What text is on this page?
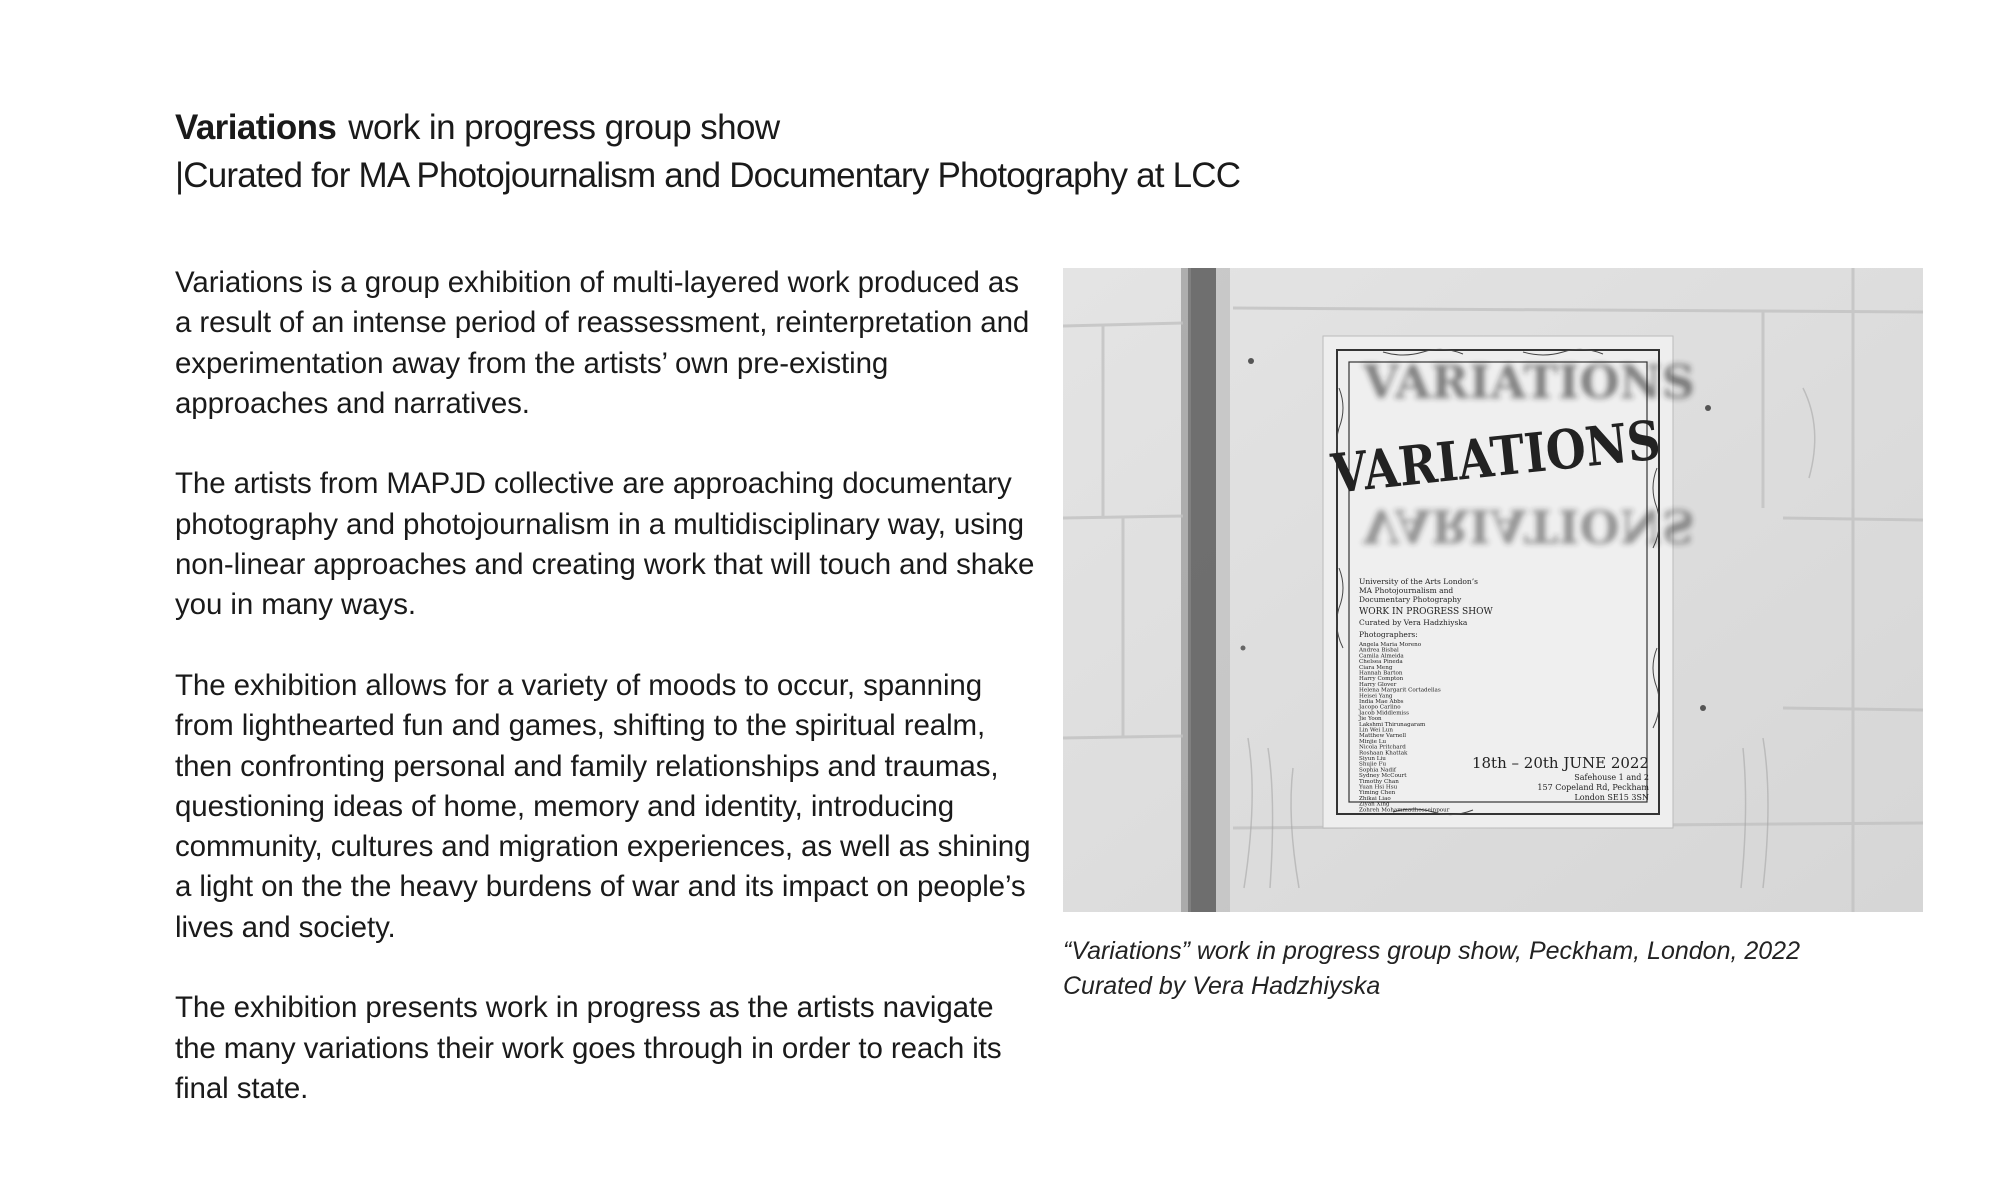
Variations work in progress group show
|Curated for MA Photojournalism and Documentary Photography at LCC

Variations is a group exhibition of multi-layered work produced as a result of an intense period of reassessment, reinterpretation and experimentation away from the artists’ own pre-existing approaches and narratives.

The artists from MAPJD collective are approaching documentary photography and photojournalism in a multidisciplinary way, using non-linear approaches and creating work that will touch and shake you in many ways.

The exhibition allows for a variety of moods to occur, spanning from lighthearted fun and games, shifting to the spiritual realm, then confronting personal and family relationships and traumas, questioning ideas of home, memory and identity, introducing community, cultures and migration experiences, as well as shining a light on the the heavy burdens of war and its impact on people’s lives and society.

The exhibition presents work in progress as the artists navigate the many variations their work goes through in order to reach its final state.

VARIATIONS
VARIATIONS
VARIATIONS
University of the Arts London’s
MA Photojournalism and
Documentary Photography
WORK IN PROGRESS SHOW
Curated by Vera Hadzhiyska
Photographers:
Angela Maria Moreno
Andrea Bisbal
Camila Almeida
Chelsea Pineda
Ciara Meng
Hannah Barton
Harry Compton
Harry Glover
Helena Margarit Cortadellas
Heisei Yang
India Mae Abbs
Jacopo Carlino
Jacob Middlemiss
Jie Yoon
Lakshmi Thirunagaram
Lin Wei Lun
Matthew Varnell
Minjie Lu
Nicola Pritchard
Roshaan Khattak
Siyun Liu
Shujie Fu
Sophia Nadif
Sydney McCourt
Timothy Chan
Yuan Hsi Hsu
Yiming Chen
Zhikai Liao
Ziyan Xing
Zohreh Mohammadhosseinpour
18th – 20th JUNE 2022
Safehouse 1 and 2
157 Copeland Rd, Peckham
London SE15 3SN
“Variations” work in progress group show, Peckham, London, 2022
Curated by Vera Hadzhiyska
